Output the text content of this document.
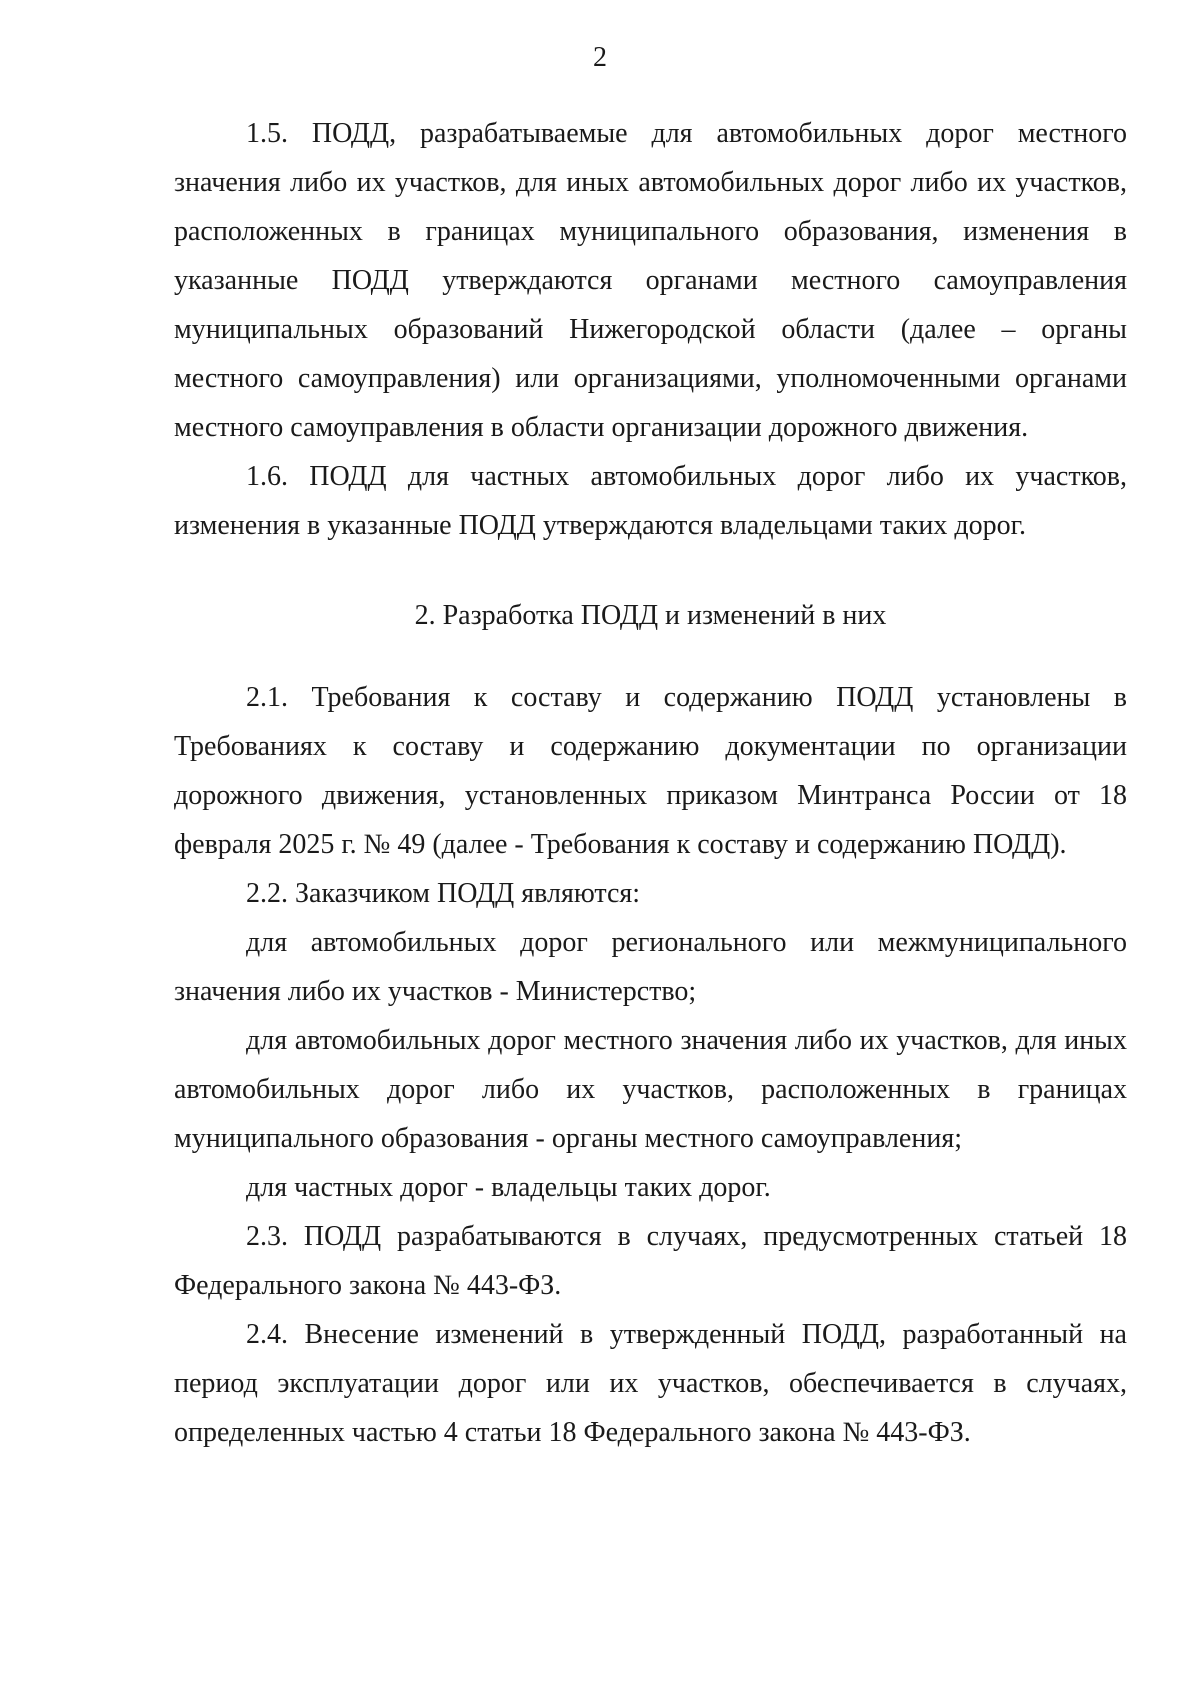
2

1.5. ПОДД, разрабатываемые для автомобильных дорог местного значения либо их участков, для иных автомобильных дорог либо их участков, расположенных в границах муниципального образования, изменения в указанные ПОДД утверждаются органами местного самоуправления муниципальных образований Нижегородской области (далее – органы местного самоуправления) или организациями, уполномоченными органами местного самоуправления в области организации дорожного движения.

1.6. ПОДД для частных автомобильных дорог либо их участков, изменения в указанные ПОДД утверждаются владельцами таких дорог.

2. Разработка ПОДД и изменений в них

2.1. Требования к составу и содержанию ПОДД установлены в Требованиях к составу и содержанию документации по организации дорожного движения, установленных приказом Минтранса России от 18 февраля 2025 г. № 49 (далее - Требования к составу и содержанию ПОДД).

2.2. Заказчиком ПОДД являются:

для автомобильных дорог регионального или межмуниципального значения либо их участков - Министерство;

для автомобильных дорог местного значения либо их участков, для иных автомобильных дорог либо их участков, расположенных в границах муниципального образования - органы местного самоуправления;

для частных дорог - владельцы таких дорог.

2.3. ПОДД разрабатываются в случаях, предусмотренных статьей 18 Федерального закона № 443-ФЗ.

2.4. Внесение изменений в утвержденный ПОДД, разработанный на период эксплуатации дорог или их участков, обеспечивается в случаях, определенных частью 4 статьи 18 Федерального закона № 443-ФЗ.
